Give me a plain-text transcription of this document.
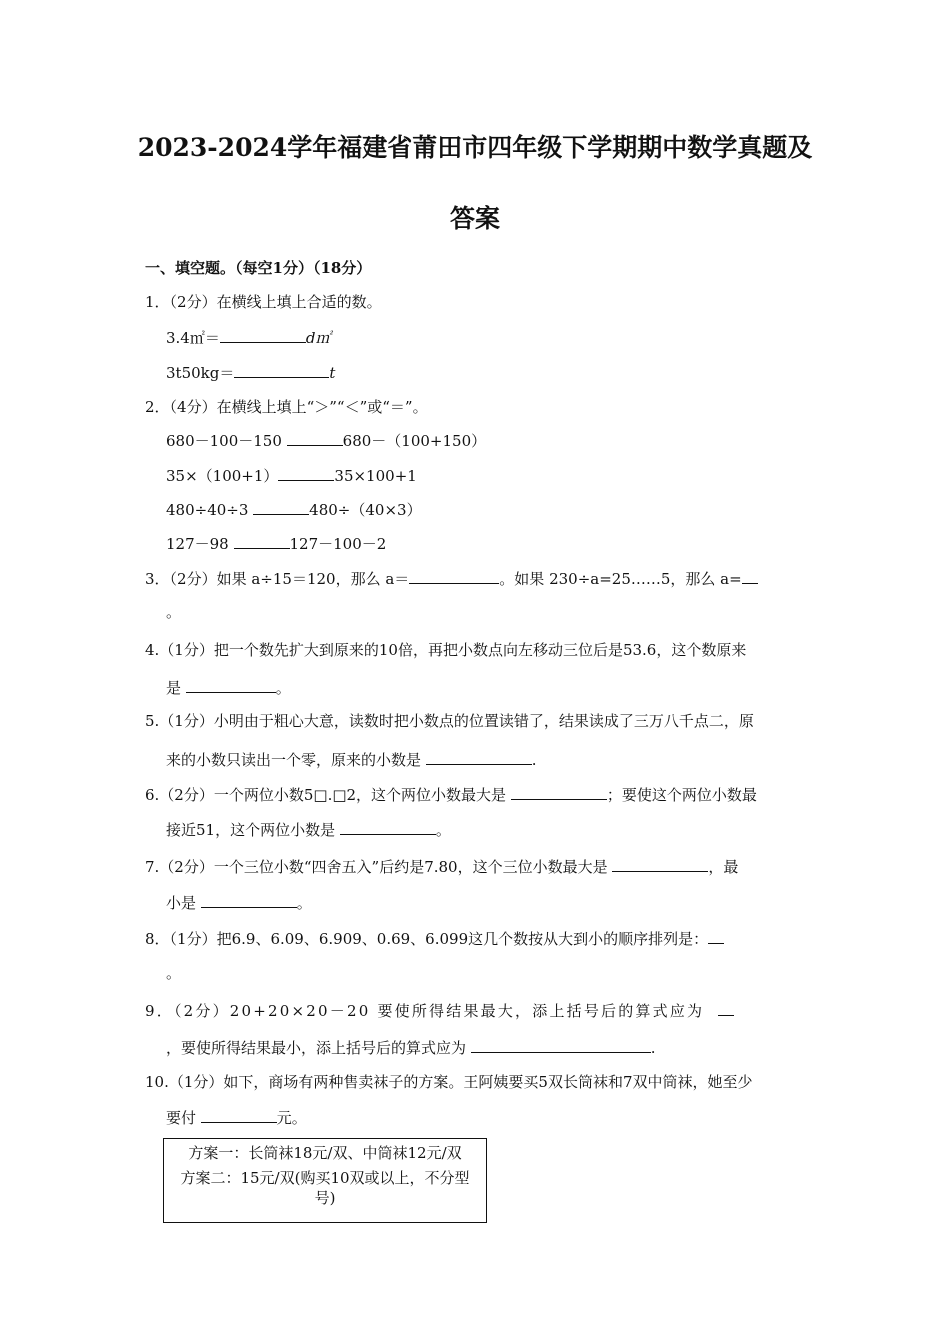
2023-2024学年福建省莆田市四年级下学期期中数学真题及
答案
一、填空题。（每空1分）（18分）
1．（2分）在横线上填上合适的数。
3.4㎡＝	d㎡
3t50kg＝	t
2．（4分）在横线上填上“＞”“＜”或“＝”。
680－100－150	680－（100+150）
35×（100+1）	35×100+1
480÷40÷3	480÷（40×3）
127－98	127－100－2
3．（2分）如果 a÷15＝120，那么 a＝	。如果 230÷a=25……5，那么 a=
。
4.（1分）把一个数先扩大到原来的10倍，再把小数点向左移动三位后是53.6，这个数原来
是	。
5.（1分）小明由于粗心大意，读数时把小数点的位置读错了，结果读成了三万八千点二，原
来的小数只读出一个零，原来的小数是	.
6.（2分）一个两位小数5□.□2，这个两位小数最大是	；要使这个两位小数最
接近51，这个两位小数是	。
7.（2分）一个三位小数“四舍五入”后约是7.80，这个三位小数最大是	，最
小是	。
8．（1分）把6.9、6.09、6.909、0.69、6.099这几个数按从大到小的顺序排列是：
。
9．（2分）20+20×20－20 要使所得结果最大，添上括号后的算式应为
，要使所得结果最小，添上括号后的算式应为	.
10.（1分）如下，商场有两种售卖袜子的方案。王阿姨要买5双长筒袜和7双中筒袜，她至少
要付	元。
方案一：长筒袜18元/双、中筒袜12元/双
方案二：15元/双(购买10双或以上，不分型
号)
